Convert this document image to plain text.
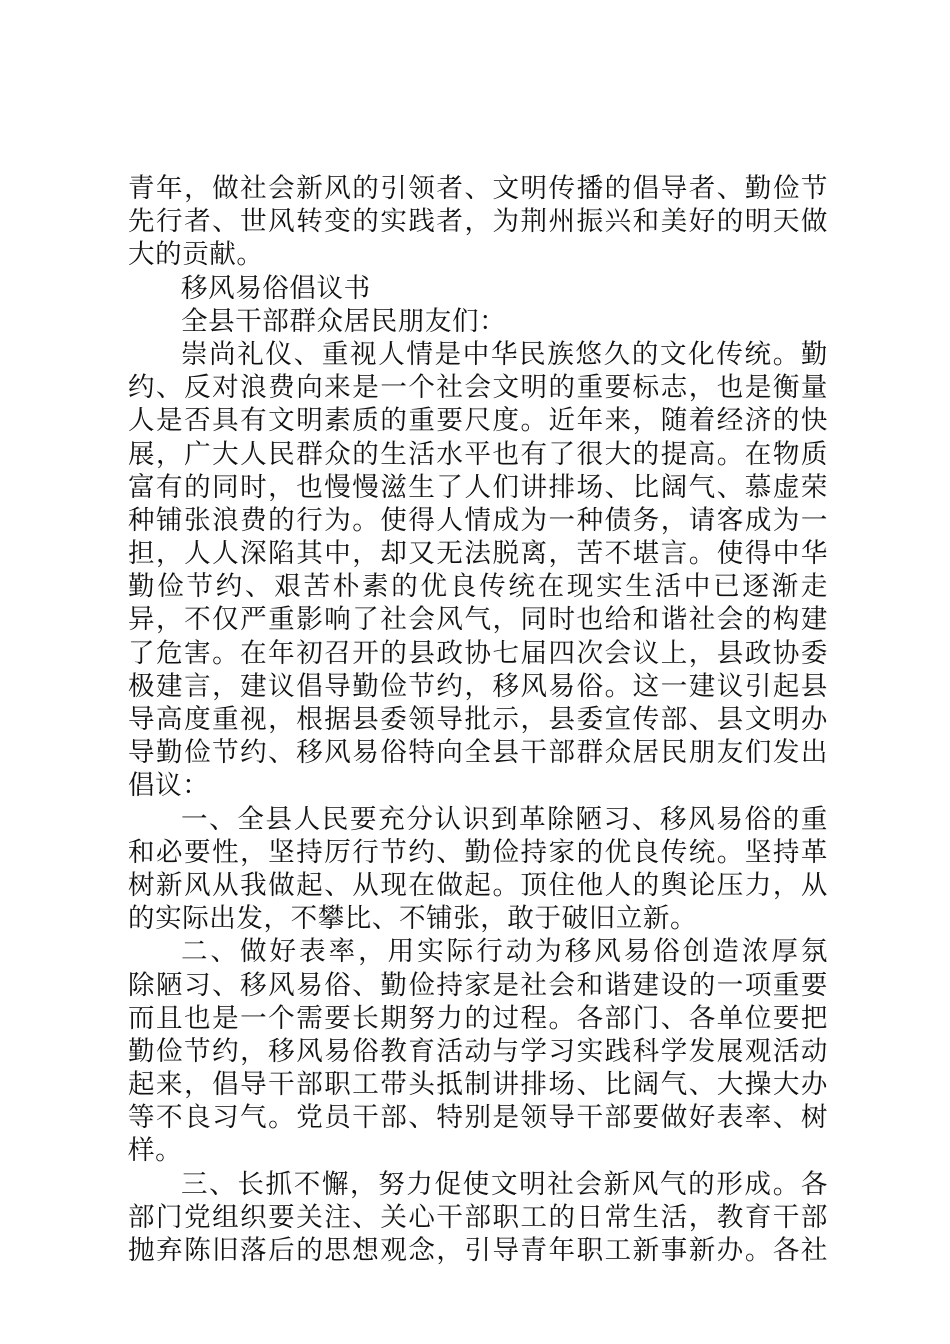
青年，做社会新风的引领者、文明传播的倡导者、勤俭节
先行者、世风转变的实践者，为荆州振兴和美好的明天做
大的贡献。
移风易俗倡议书
全县干部群众居民朋友们：
崇尚礼仪、重视人情是中华民族悠久的文化传统。勤
约、反对浪费向来是一个社会文明的重要标志，也是衡量
人是否具有文明素质的重要尺度。近年来，随着经济的快
展，广大人民群众的生活水平也有了很大的提高。在物质
富有的同时，也慢慢滋生了人们讲排场、比阔气、慕虚荣
种铺张浪费的行为。使得人情成为一种债务，请客成为一
担，人人深陷其中，却又无法脱离，苦不堪言。使得中华
勤俭节约、艰苦朴素的优良传统在现实生活中已逐渐走
异，不仅严重影响了社会风气，同时也给和谐社会的构建
了危害。在年初召开的县政协七届四次会议上，县政协委
极建言，建议倡导勤俭节约，移风易俗。这一建议引起县
导高度重视，根据县委领导批示，县委宣传部、县文明办
导勤俭节约、移风易俗特向全县干部群众居民朋友们发出
倡议：
一、全县人民要充分认识到革除陋习、移风易俗的重
和必要性，坚持厉行节约、勤俭持家的优良传统。坚持革
树新风从我做起、从现在做起。顶住他人的舆论压力，从
的实际出发，不攀比、不铺张，敢于破旧立新。
二、做好表率，用实际行动为移风易俗创造浓厚氛
除陋习、移风易俗、勤俭持家是社会和谐建设的一项重要
而且也是一个需要长期努力的过程。各部门、各单位要把
勤俭节约，移风易俗教育活动与学习实践科学发展观活动
起来，倡导干部职工带头抵制讲排场、比阔气、大操大办
等不良习气。党员干部、特别是领导干部要做好表率、树
样。
三、长抓不懈，努力促使文明社会新风气的形成。各
部门党组织要关注、关心干部职工的日常生活，教育干部
抛弃陈旧落后的思想观念，引导青年职工新事新办。各社
